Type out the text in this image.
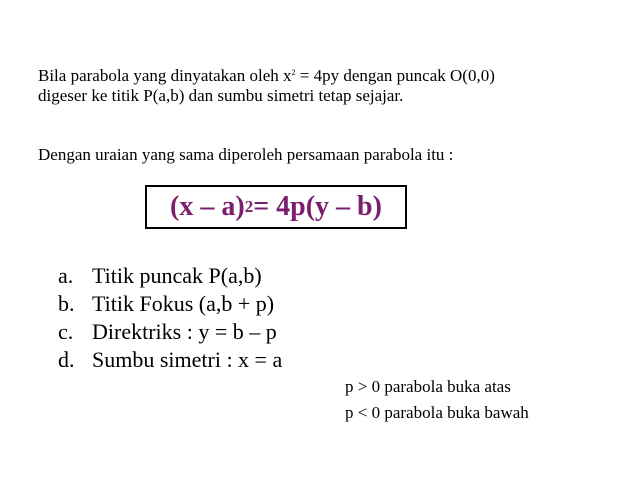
Bila parabola yang dinyatakan oleh $x^2 = 4py$ dengan puncak O(0,0)
digeser ke titik P(a,b) dan sumbu simetri tetap sejajar.
Dengan uraian yang sama diperoleh persamaan parabola itu :
(x – a) 2 = 4p(y – b)
a. Titik puncak P(a,b)
b. Titik Fokus (a,b + p)
c. Direktriks : y = b – p
d. Sumbu simetri : x = a
p > 0 parabola buka atas
p < 0 parabola buka bawah
